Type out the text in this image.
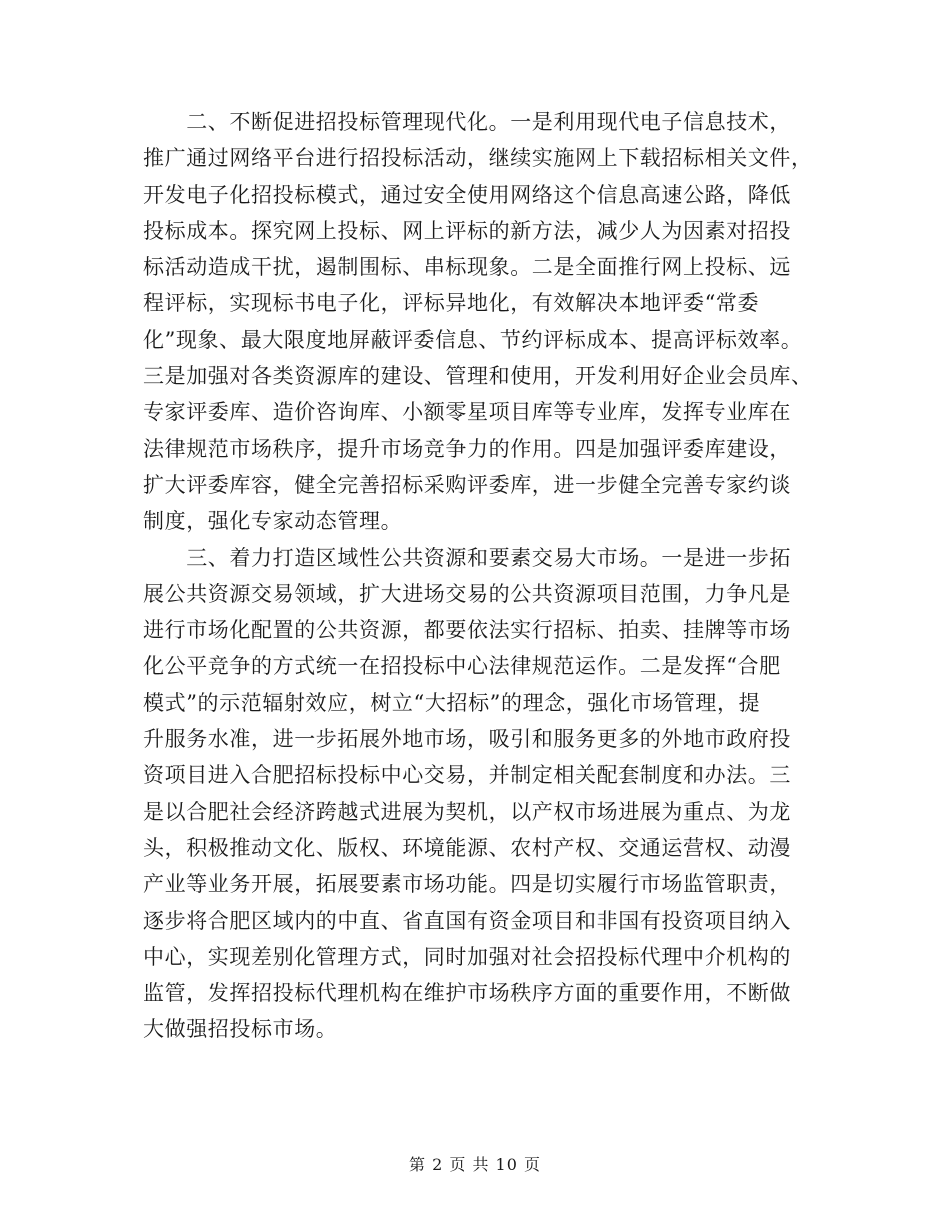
　　二、不断促进招投标管理现代化。一是利用现代电子信息技术，
推广通过网络平台进行招投标活动，继续实施网上下载招标相关文件，
开发电子化招投标模式，通过安全使用网络这个信息高速公路，降低
投标成本。探究网上投标、网上评标的新方法，减少人为因素对招投
标活动造成干扰，遏制围标、串标现象。二是全面推行网上投标、远
程评标，实现标书电子化，评标异地化，有效解决本地评委“常委
化”现象、最大限度地屏蔽评委信息、节约评标成本、提高评标效率。
三是加强对各类资源库的建设、管理和使用，开发利用好企业会员库、
专家评委库、造价咨询库、小额零星项目库等专业库，发挥专业库在
法律规范市场秩序，提升市场竞争力的作用。四是加强评委库建设，
扩大评委库容，健全完善招标采购评委库，进一步健全完善专家约谈
制度，强化专家动态管理。
　　三、着力打造区域性公共资源和要素交易大市场。一是进一步拓
展公共资源交易领域，扩大进场交易的公共资源项目范围，力争凡是
进行市场化配置的公共资源，都要依法实行招标、拍卖、挂牌等市场
化公平竞争的方式统一在招投标中心法律规范运作。二是发挥“合肥
模式”的示范辐射效应，树立“大招标”的理念，强化市场管理，提
升服务水准，进一步拓展外地市场，吸引和服务更多的外地市政府投
资项目进入合肥招标投标中心交易，并制定相关配套制度和办法。三
是以合肥社会经济跨越式进展为契机，以产权市场进展为重点、为龙
头，积极推动文化、版权、环境能源、农村产权、交通运营权、动漫
产业等业务开展，拓展要素市场功能。四是切实履行市场监管职责，
逐步将合肥区域内的中直、省直国有资金项目和非国有投资项目纳入
中心，实现差别化管理方式，同时加强对社会招投标代理中介机构的
监管，发挥招投标代理机构在维护市场秩序方面的重要作用，不断做
大做强招投标市场。
第 2 页 共 10 页
